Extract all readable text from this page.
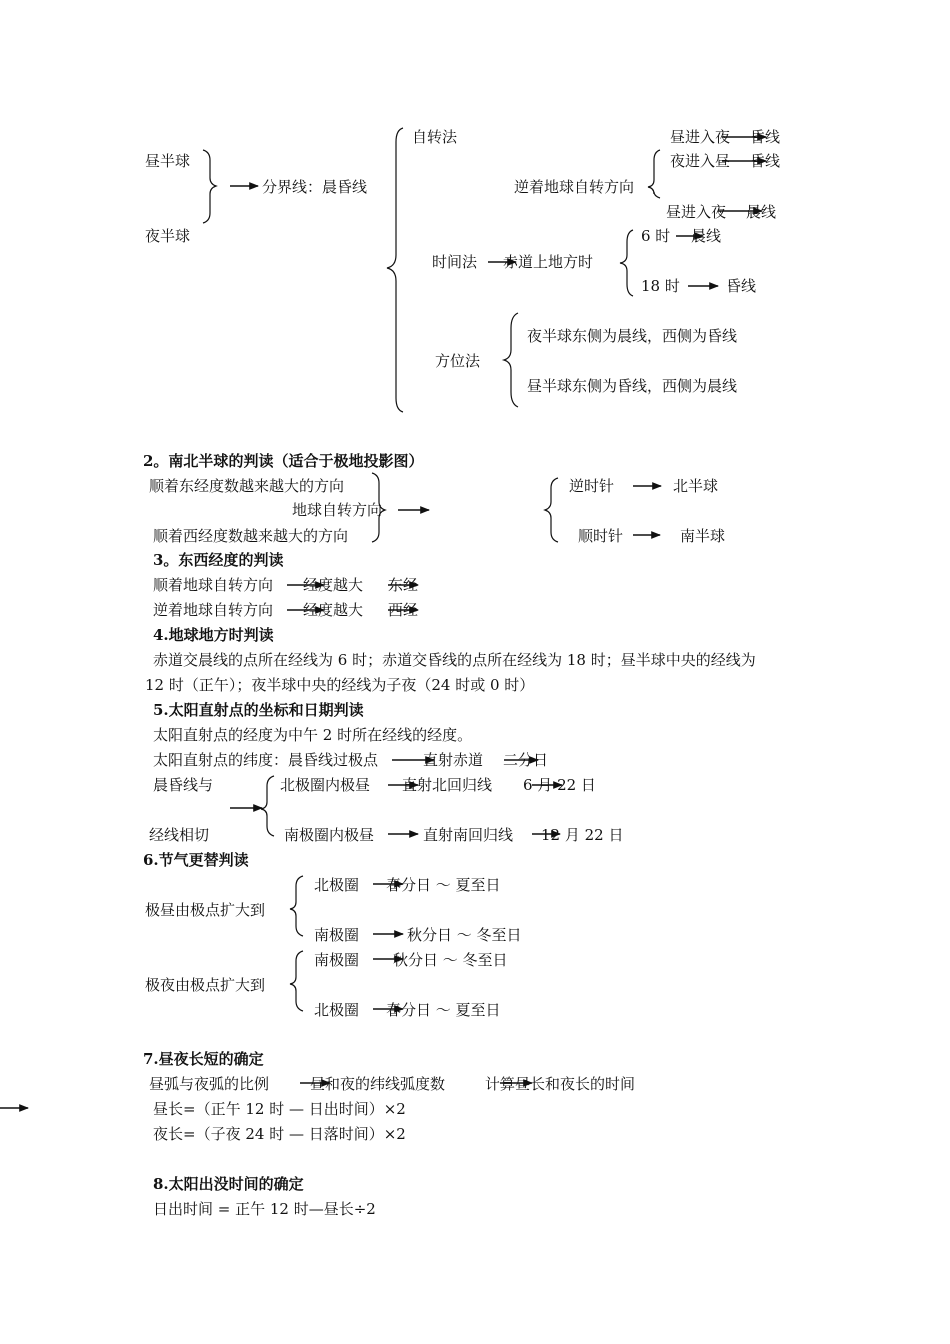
昼半球
夜半球
分界线：晨昏线
自转法
逆着地球自转方向
昼进入夜 昏线
夜进入昼 昏线
昼进入夜 晨线
时间法 赤道上地方时
6 时 晨线
18 时	昏线
方位法
夜半球东侧为晨线，西侧为昏线
昼半球东侧为昏线，西侧为晨线
2。南北半球的判读（适合于极地投影图）
顺着东经度数越来越大的方向
地球自转方向
顺着西经度数越来越大的方向
逆时针	北半球
顺时针	南半球
3。东西经度的判读
顺着地球自转方向 经度越大 东经
逆着地球自转方向 经度越大 西经
4.地球地方时判读
赤道交晨线的点所在经线为 6 时；赤道交昏线的点所在经线为 18 时；昼半球中央的经线为
12 时（正午）；夜半球中央的经线为子夜（24 时或 0 时）
5.太阳直射点的坐标和日期判读
太阳直射点的经度为中午 2 时所在经线的经度。
太阳直射点的纬度：晨昏线过极点	直射赤道 二分日
晨昏线与
经线相切
北极圈内极昼 直射北回归线 6 月 22 日
南极圈内极昼	直射南回归线 12 月 22 日
6.节气更替判读
极昼由极点扩大到
北极圈 春分日 ～ 夏至日
南极圈	秋分日 ～ 冬至日
极夜由极点扩大到
南极圈 秋分日 ～ 冬至日
北极圈 春分日 ～ 夏至日
7.昼夜长短的确定
昼弧与夜弧的比例	昼和夜的纬线弧度数	计算昼长和夜长的时间
昼长=（正午 12 时 — 日出时间）×2
夜长=（子夜 24 时 — 日落时间）×2
8.太阳出没时间的确定
日出时间 = 正午 12 时—昼长÷2
